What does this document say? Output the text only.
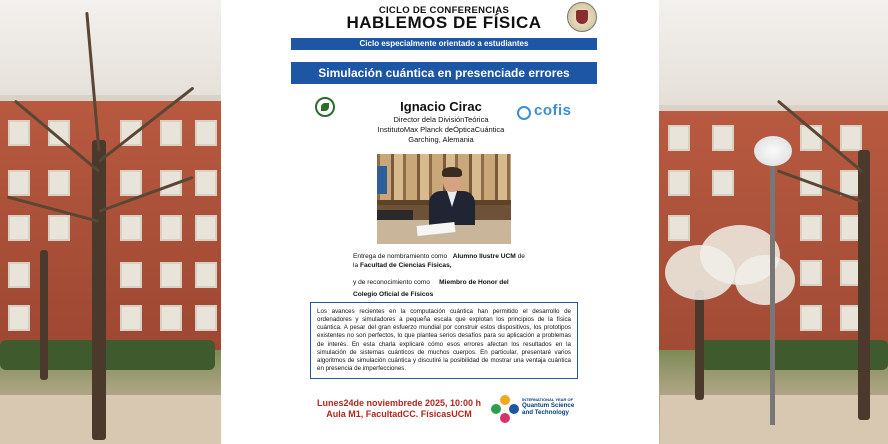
CICLO DE CONFERENCIAS
HABLEMOS DE FÍSICA
Ciclo especialmente orientado a estudiantes
Simulación cuántica en presenciade errores
Ignacio Cirac
Director dela DivisiónTeórica
InstitutoMax Planck deÓpticaCuántica
Garching, Alemania
cofis
Entrega de nombramiento como Alumno Ilustre UCM de
la Facultad de Ciencias Físicas,
y de reconocimiento como Miembro de Honor del
Colegio Oficial de Físicos
Los avances recientes en la computación cuántica han permitido el desarrollo de ordenadores y simuladores a pequeña escala que explotan los principios de la física cuántica. A pesar del gran esfuerzo mundial por construir estos dispositivos, los prototipos existentes no son perfectos, lo que plantea serios desafíos para su aplicación a problemas de interés. En esta charla explicaré cómo esos errores afectan los resultados en la simulación de sistemas cuánticos de muchos cuerpos. En particular, presentaré varios algoritmos de simulación cuántica y discutiré la posibilidad de mostrar una ventaja cuántica en presencia de imperfecciones.
Lunes24de noviembrede 2025, 10:00 h
Aula M1, FacultadCC. FísicasUCM
INTERNATIONAL YEAR OF
Quantum Science
and Technology
